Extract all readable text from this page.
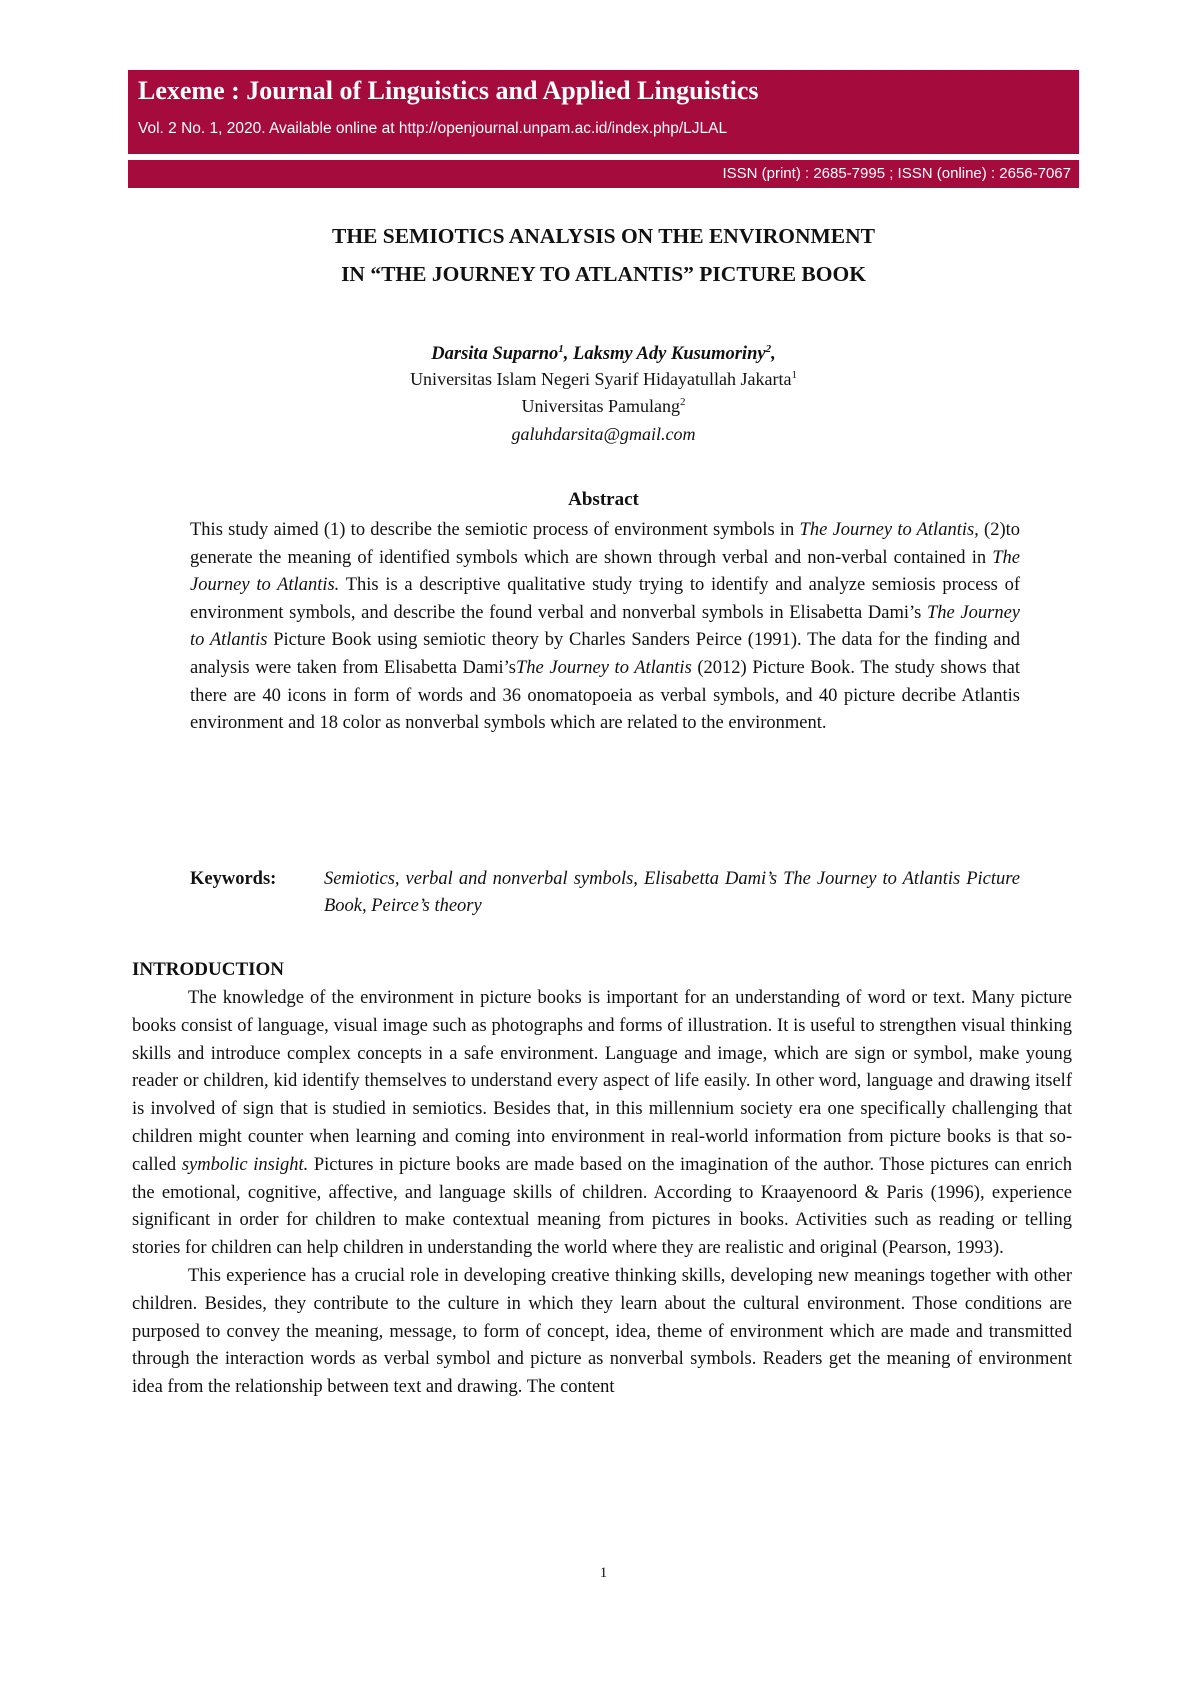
Lexeme : Journal of Linguistics and Applied Linguistics
Vol. 2 No. 1, 2020. Available online at http://openjournal.unpam.ac.id/index.php/LJLAL
ISSN (print) : 2685-7995 ; ISSN (online) : 2656-7067
THE SEMIOTICS ANALYSIS ON THE ENVIRONMENT
IN “THE JOURNEY TO ATLANTIS” PICTURE BOOK
Darsita Suparno$^1$, Laksmy Ady Kusumoriny$^2$,
Universitas Islam Negeri Syarif Hidayatullah Jakarta$^1$
Universitas Pamulang$^2$
galuhdarsita@gmail.com
Abstract
This study aimed (1) to describe the semiotic process of environment symbols in The Journey to Atlantis, (2)to generate the meaning of identified symbols which are shown through verbal and non-verbal contained in The Journey to Atlantis. This is a descriptive qualitative study trying to identify and analyze semiosis process of environment symbols, and describe the found verbal and nonverbal symbols in Elisabetta Dami’s The Journey to Atlantis Picture Book using semiotic theory by Charles Sanders Peirce (1991). The data for the finding and analysis were taken from Elisabetta Dami’sThe Journey to Atlantis (2012) Picture Book. The study shows that there are 40 icons in form of words and 36 onomatopoeia as verbal symbols, and 40 picture decribe Atlantis environment and 18 color as nonverbal symbols which are related to the environment.
Keywords:	Semiotics, verbal and nonverbal symbols, Elisabetta Dami’s The Journey to Atlantis Picture Book, Peirce’s theory
INTRODUCTION

The knowledge of the environment in picture books is important for an understanding of word or text. Many picture books consist of language, visual image such as photographs and forms of illustration. It is useful to strengthen visual thinking skills and introduce complex concepts in a safe environment. Language and image, which are sign or symbol, make young reader or children, kid identify themselves to understand every aspect of life easily. In other word, language and drawing itself is involved of sign that is studied in semiotics. Besides that, in this millennium society era one specifically challenging that children might counter when learning and coming into environment in real-world information from picture books is that so-called symbolic insight. Pictures in picture books are made based on the imagination of the author. Those pictures can enrich the emotional, cognitive, affective, and language skills of children. According to Kraayenoord & Paris (1996), experience significant in order for children to make contextual meaning from pictures in books. Activities such as reading or telling stories for children can help children in understanding the world where they are realistic and original (Pearson, 1993).

This experience has a crucial role in developing creative thinking skills, developing new meanings together with other children. Besides, they contribute to the culture in which they learn about the cultural environment. Those conditions are purposed to convey the meaning, message, to form of concept, idea, theme of environment which are made and transmitted through the interaction words as verbal symbol and picture as nonverbal symbols. Readers get the meaning of environment idea from the relationship between text and drawing. The content

1
